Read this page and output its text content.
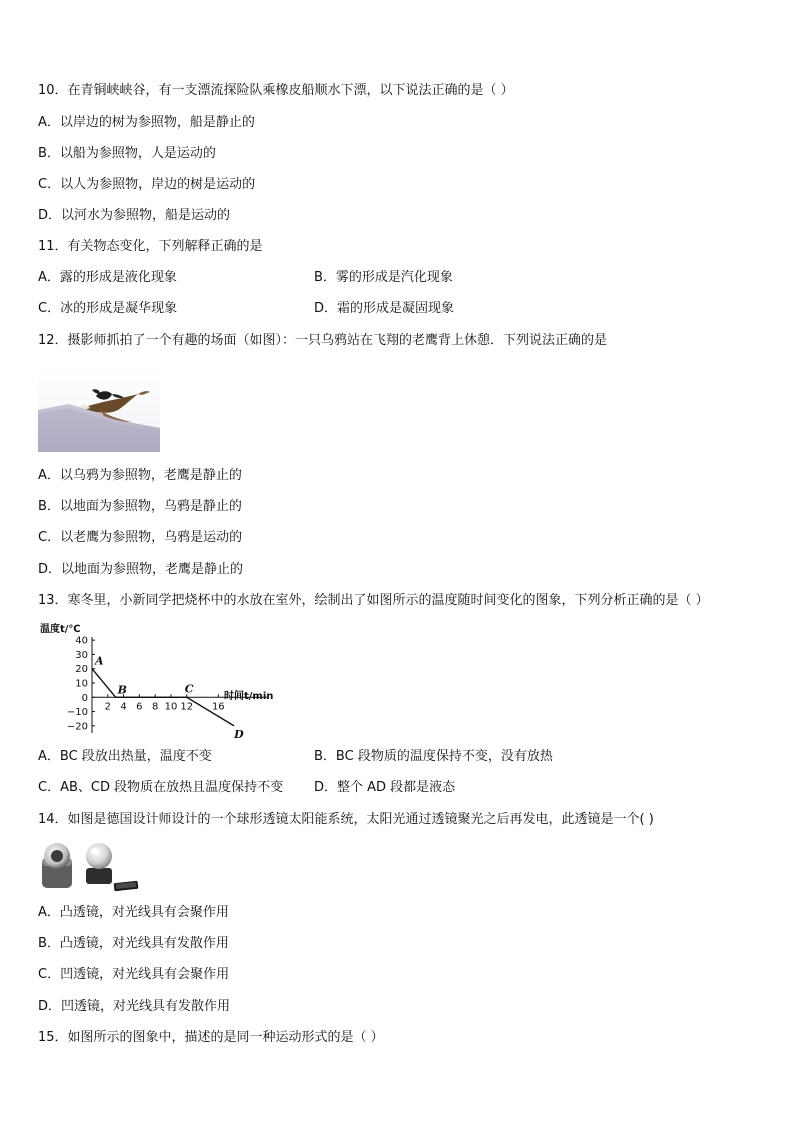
10．在青铜峡峡谷，有一支漂流探险队乘橡皮船顺水下漂，以下说法正确的是（ ）
A．以岸边的树为参照物，船是静止的
B．以船为参照物，人是运动的
C．以人为参照物，岸边的树是运动的
D．以河水为参照物，船是运动的
11．有关物态变化，下列解释正确的是
A．露的形成是液化现象	B．雾的形成是汽化现象
C．冰的形成是凝华现象	D．霜的形成是凝固现象
12．摄影师抓拍了一个有趣的场面（如图）：一只乌鸦站在飞翔的老鹰背上休憩．下列说法正确的是
A．以乌鸦为参照物，老鹰是静止的
B．以地面为参照物，乌鸦是静止的
C．以老鹰为参照物，乌鸦是运动的
D．以地面为参照物，老鹰是静止的
13．寒冬里，小新同学把烧杯中的水放在室外，绘制出了如图所示的温度随时间变化的图象，下列分析正确的是（ ）
温度t/℃
40
30
20
10
0
−10
−20
2 4 6 8 10 12 16
A
B	C
D
时间t/min
A．BC 段放出热量，温度不变	B．BC 段物质的温度保持不变，没有放热
C．AB、CD 段物质在放热且温度保持不变 D．整个 AD 段都是液态
14．如图是德国设计师设计的一个球形透镜太阳能系统，太阳光通过透镜聚光之后再发电，此透镜是一个( )
A．凸透镜，对光线具有会聚作用
B．凸透镜，对光线具有发散作用
C．凹透镜，对光线具有会聚作用
D．凹透镜，对光线具有发散作用
15．如图所示的图象中，描述的是同一种运动形式的是（ ）
